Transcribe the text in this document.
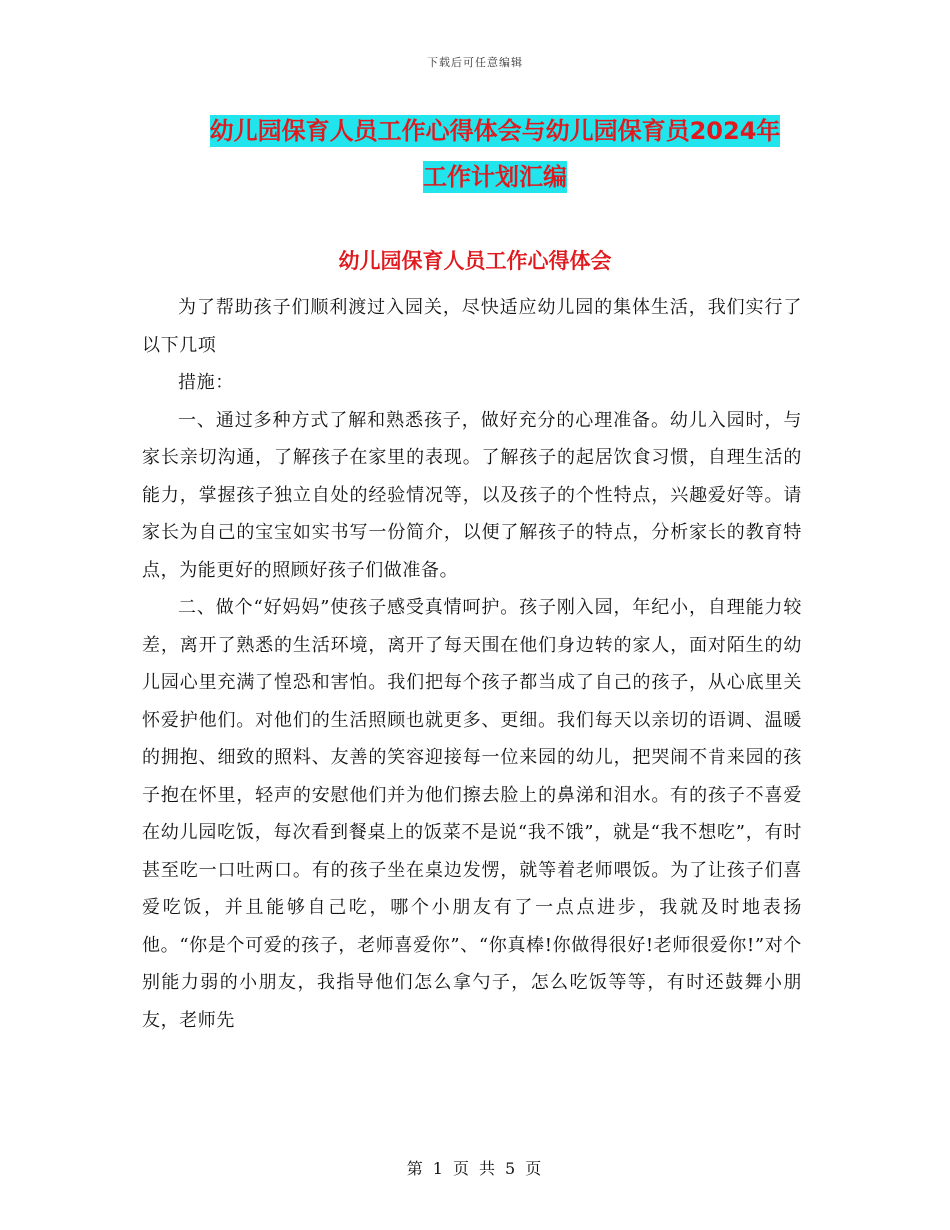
下载后可任意编辑
幼儿园保育人员工作心得体会与幼儿园保育员2024年
工作计划汇编
幼儿园保育人员工作心得体会

为了帮助孩子们顺利渡过入园关，尽快适应幼儿园的集体生活，我们实行了以下几项

措施：

一、通过多种方式了解和熟悉孩子，做好充分的心理准备。幼儿入园时，与家长亲切沟通，了解孩子在家里的表现。了解孩子的起居饮食习惯，自理生活的能力，掌握孩子独立自处的经验情况等，以及孩子的个性特点，兴趣爱好等。请家长为自己的宝宝如实书写一份简介，以便了解孩子的特点，分析家长的教育特点，为能更好的照顾好孩子们做准备。

二、做个“好妈妈”使孩子感受真情呵护。孩子刚入园，年纪小，自理能力较差，离开了熟悉的生活环境，离开了每天围在他们身边转的家人，面对陌生的幼儿园心里充满了惶恐和害怕。我们把每个孩子都当成了自己的孩子，从心底里关怀爱护他们。对他们的生活照顾也就更多、更细。我们每天以亲切的语调、温暖的拥抱、细致的照料、友善的笑容迎接每一位来园的幼儿，把哭闹不肯来园的孩子抱在怀里，轻声的安慰他们并为他们擦去脸上的鼻涕和泪水。有的孩子不喜爱在幼儿园吃饭，每次看到餐桌上的饭菜不是说“我不饿”，就是“我不想吃”，有时甚至吃一口吐两口。有的孩子坐在桌边发愣，就等着老师喂饭。为了让孩子们喜爱吃饭，并且能够自己吃，哪个小朋友有了一点点进步，我就及时地表扬他。“你是个可爱的孩子，老师喜爱你”、“你真棒!你做得很好!老师很爱你!”对个别能力弱的小朋友，我指导他们怎么拿勺子，怎么吃饭等等，有时还鼓舞小朋友，老师先

第 1 页 共 5 页
